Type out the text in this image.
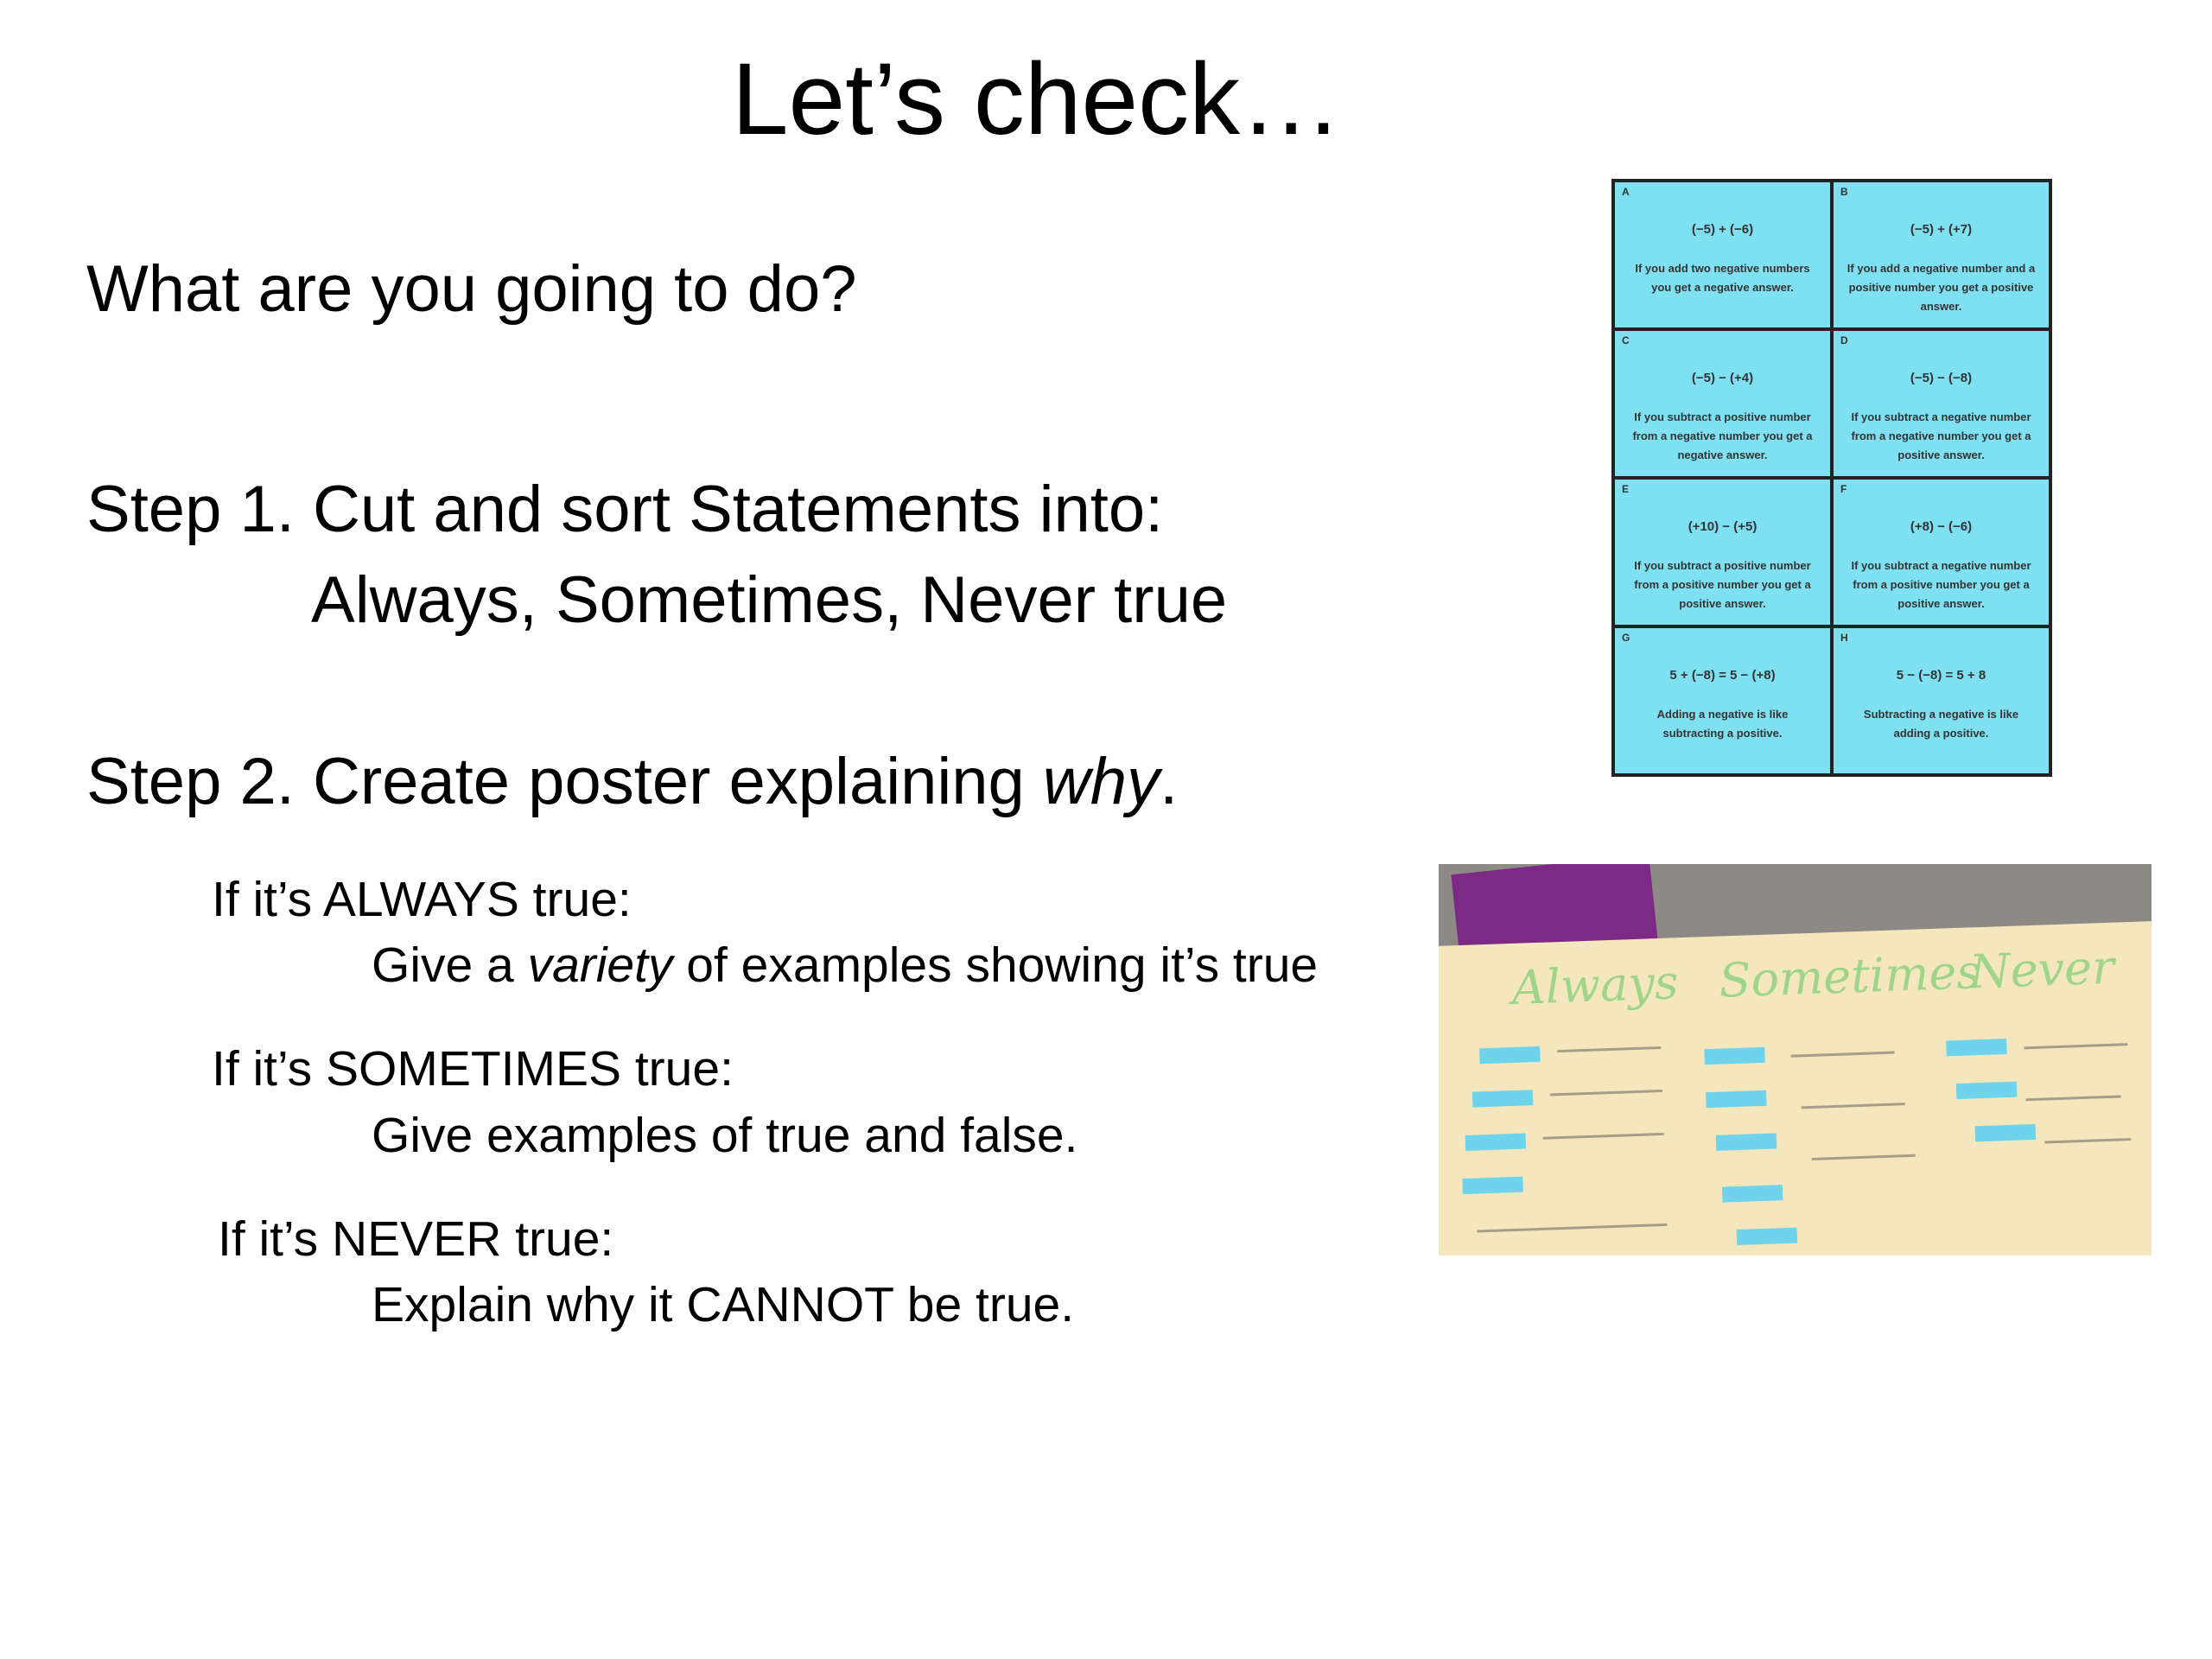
Let’s check…
What are you going to do?
Step 1. Cut and sort Statements into:
Always, Sometimes, Never true
Step 2. Create poster explaining why.
If it’s ALWAYS true:
Give a variety of examples showing it’s true
If it’s SOMETIMES true:
Give examples of true and false.
If it’s NEVER true:
Explain why it CANNOT be true.
A
(−5) + (−6)
If you add two negative numbers you get a negative answer.
B
(−5) + (+7)
If you add a negative number and a positive number you get a positive answer.
C
(−5) − (+4)
If you subtract a positive number from a negative number you get a negative answer.
D
(−5) − (−8)
If you subtract a negative number from a negative number you get a positive answer.
E
(+10) − (+5)
If you subtract a positive number from a positive number you get a positive answer.
F
(+8) − (−6)
If you subtract a negative number from a positive number you get a positive answer.
G
5 + (−8) = 5 − (+8)
Adding a negative is like subtracting a positive.
H
5 − (−8) = 5 + 8
Subtracting a negative is like adding a positive.
Always Sometimes
Never
